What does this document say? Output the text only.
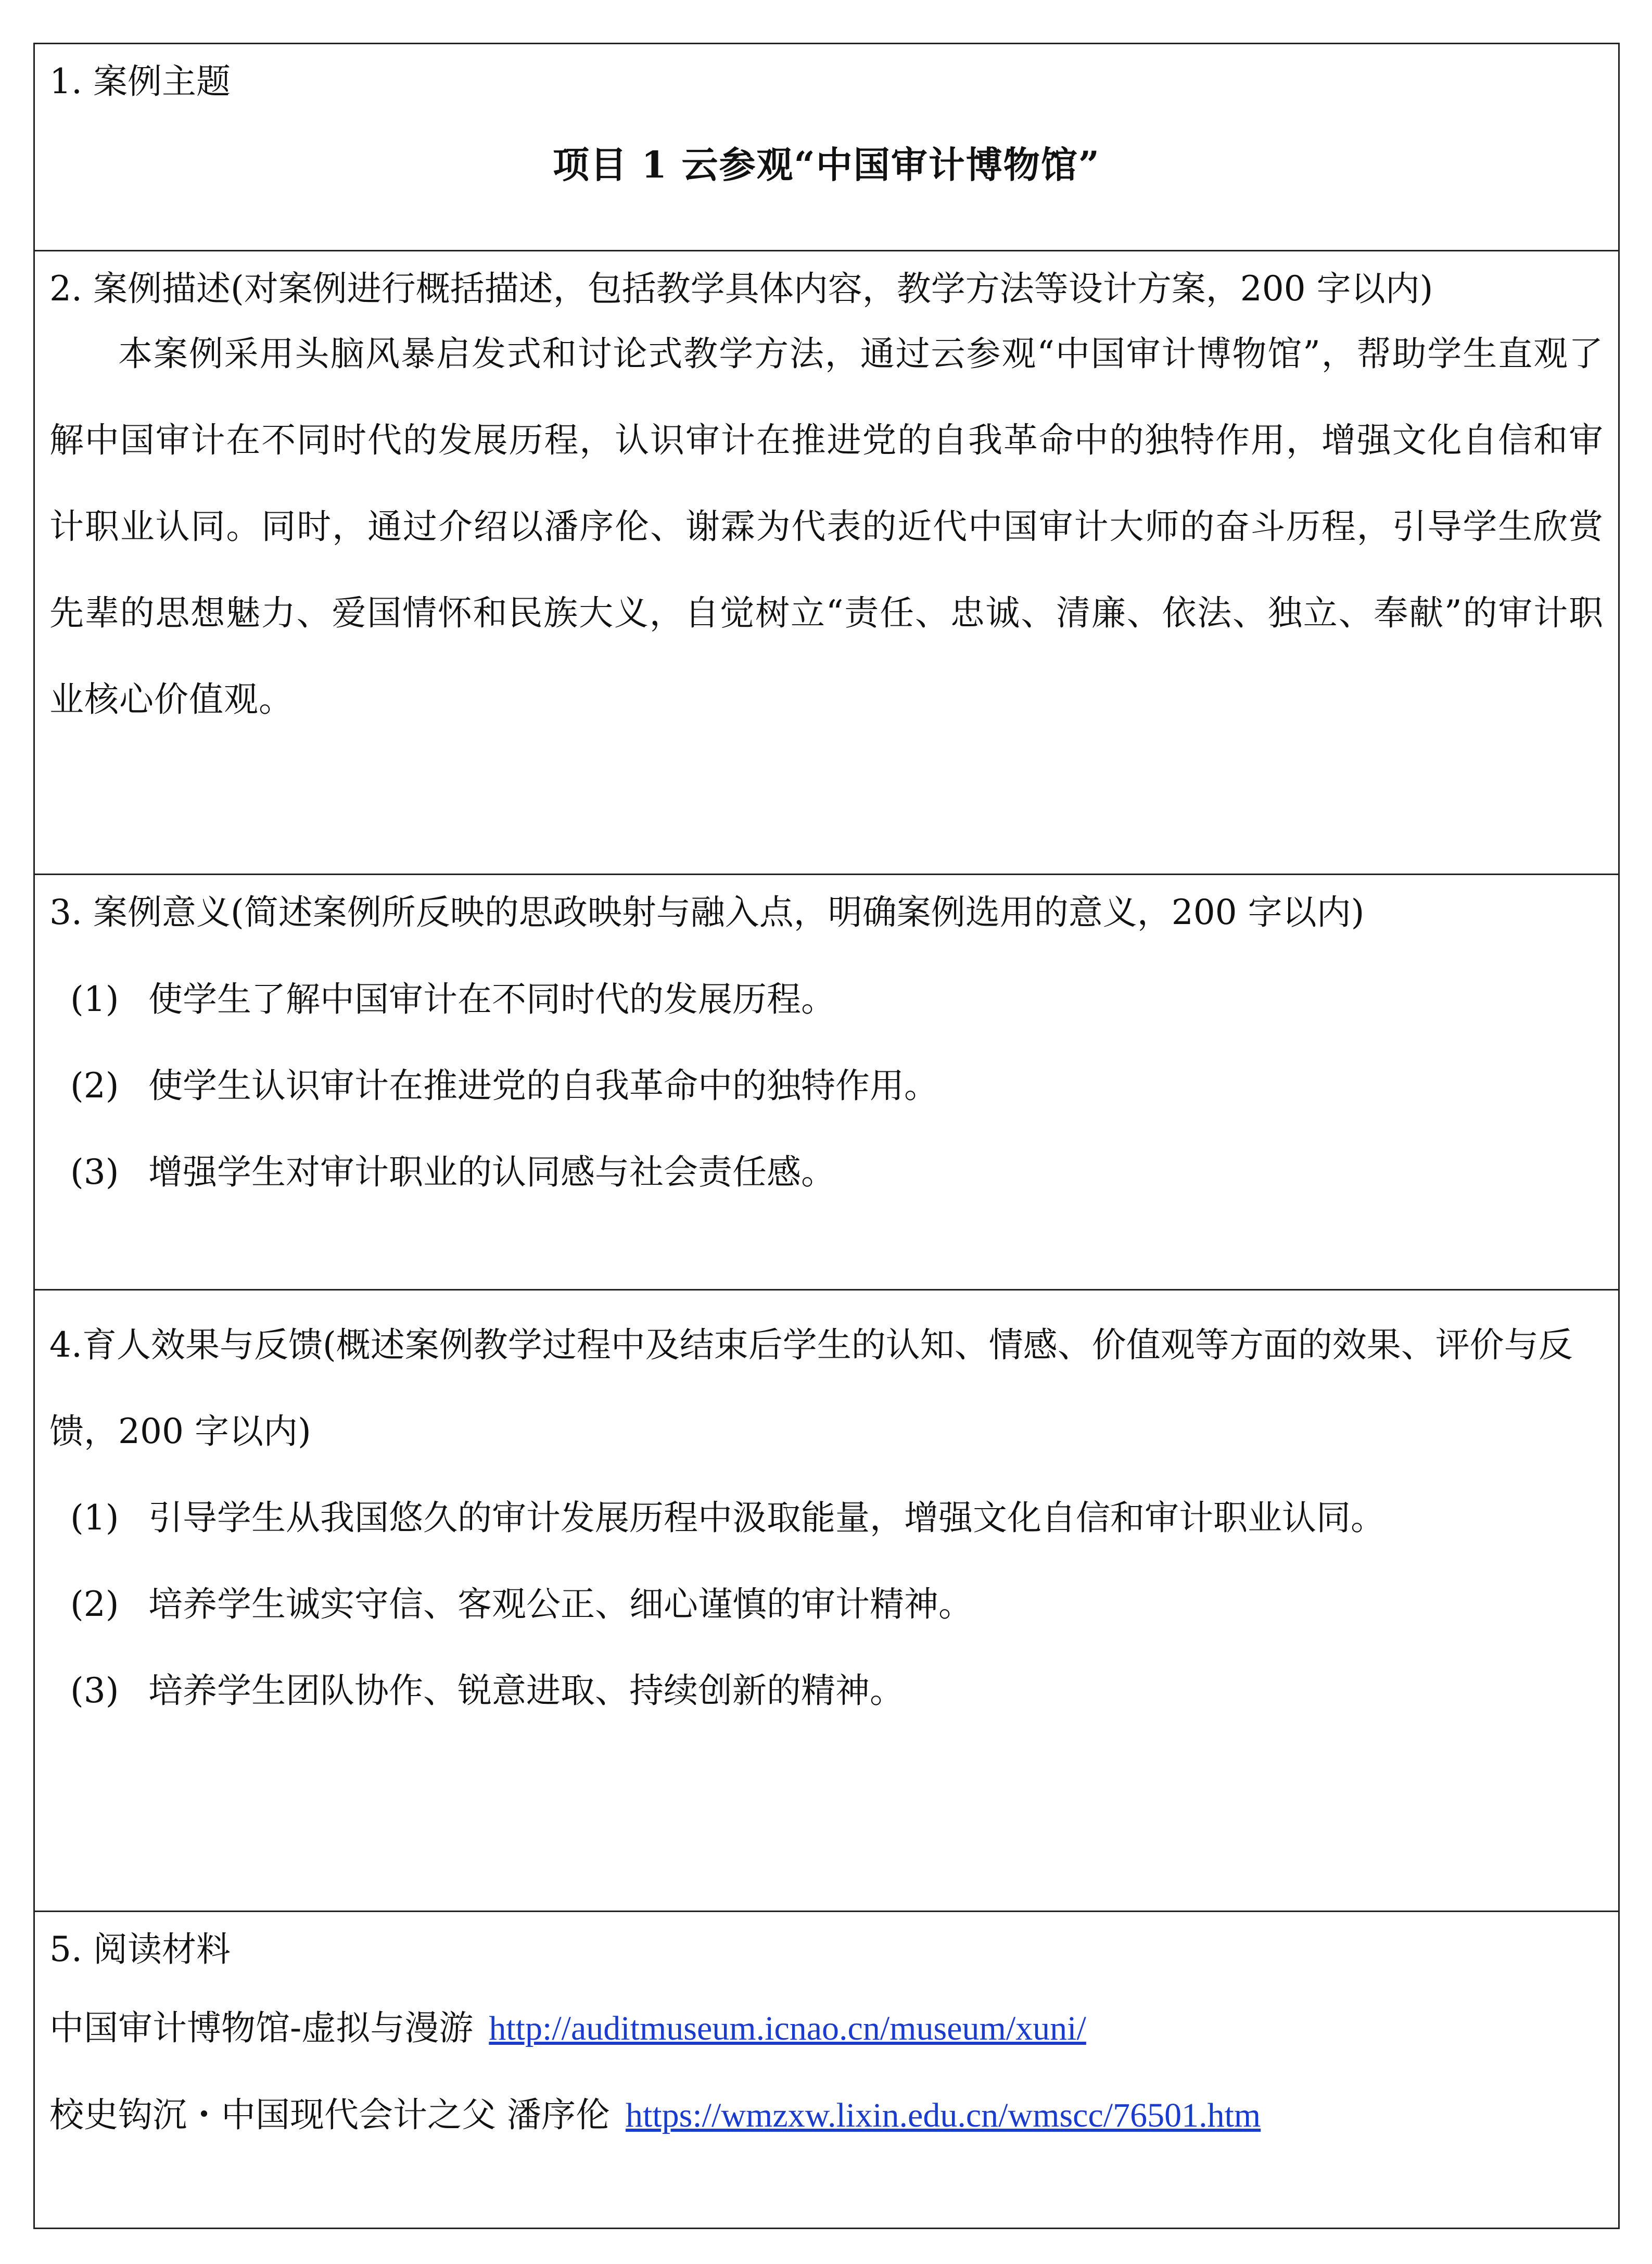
1. 案例主题

项目 1 云参观“中国审计博物馆”

2. 案例描述(对案例进行概括描述，包括教学具体内容，教学方法等设计方案，200 字以内)

本案例采用头脑风暴启发式和讨论式教学方法，通过云参观“中国审计博物馆”，帮助学生直观了解中国审计在不同时代的发展历程，认识审计在推进党的自我革命中的独特作用，增强文化自信和审计职业认同。同时，通过介绍以潘序伦、谢霖为代表的近代中国审计大师的奋斗历程，引导学生欣赏先辈的思想魅力、爱国情怀和民族大义，自觉树立“责任、忠诚、清廉、依法、独立、奉献”的审计职业核心价值观。

3. 案例意义(简述案例所反映的思政映射与融入点，明确案例选用的意义，200 字以内)

(1) 使学生了解中国审计在不同时代的发展历程。

(2) 使学生认识审计在推进党的自我革命中的独特作用。

(3) 增强学生对审计职业的认同感与社会责任感。

4.育人效果与反馈(概述案例教学过程中及结束后学生的认知、情感、价值观等方面的效果、评价与反馈，200 字以内)

(1) 引导学生从我国悠久的审计发展历程中汲取能量，增强文化自信和审计职业认同。

(2) 培养学生诚实守信、客观公正、细心谨慎的审计精神。

(3) 培养学生团队协作、锐意进取、持续创新的精神。

5. 阅读材料

中国审计博物馆-虚拟与漫游 http://auditmuseum.icnao.cn/museum/xuni/

校史钩沉・中国现代会计之父 潘序伦 https://wmzxw.lixin.edu.cn/wmscc/76501.htm
